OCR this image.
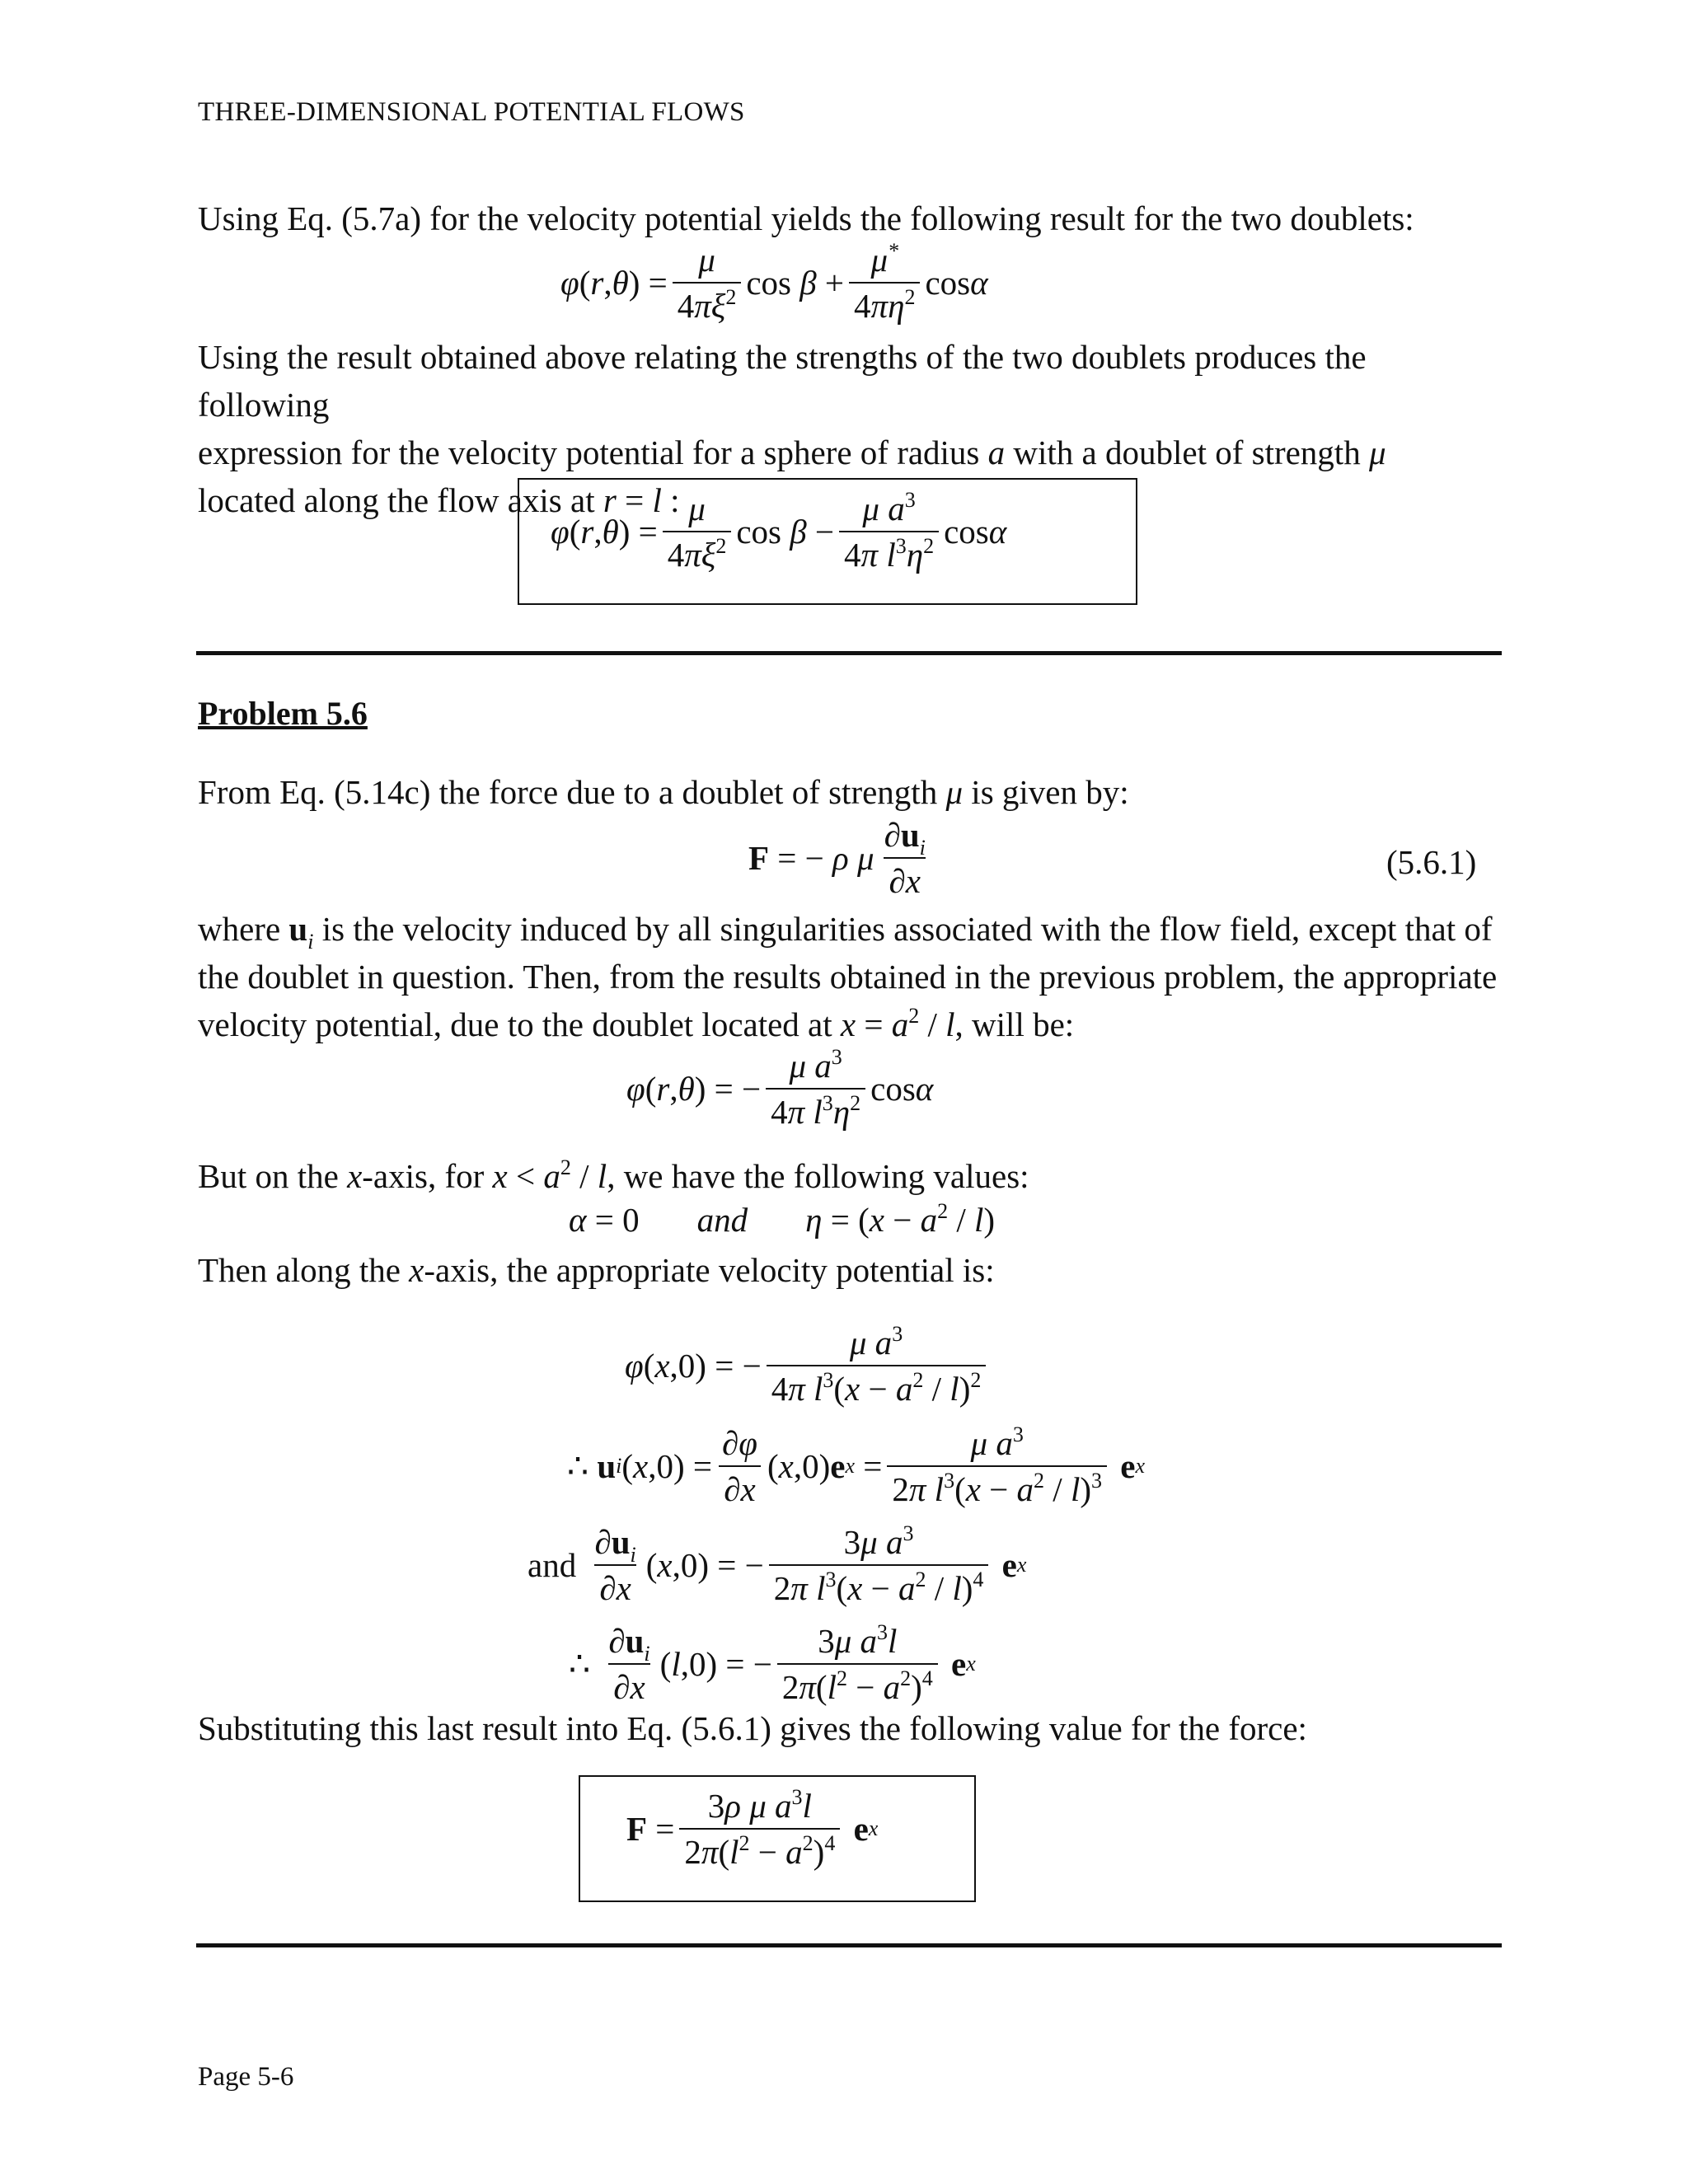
THREE-DIMENSIONAL POTENTIAL FLOWS
Using Eq. (5.7a) for the velocity potential yields the following result for the two doublets:
φ ( r , θ ) = $\frac{\mu}{4\pi\xi^2}$ $\cos \beta + \frac{\mu^*}{4\pi\eta^2}$ cos α
Using the result obtained above relating the strengths of the two doublets produces the following
expression for the velocity potential for a sphere of radius a with a doublet of strength μ
located along the flow axis at r = l :
φ ( r , θ ) = $\frac{\mu}{4\pi\xi^2}$ $\cos \beta - \frac{\mu a^3}{4\pi l^3\eta^2}$ cos α
Problem 5.6
From Eq. (5.14c) the force due to a doublet of strength μ is given by:
F = − ρ μ $\frac{\partial u_i}{\partial x}$	(5.6.1)
where $u_i$ is the velocity induced by all singularities associated with the flow field, except that of
the doublet in question. Then, from the results obtained in the previous problem, the appropriate
velocity potential, due to the doublet located at $x = a^2 / l$, will be:
φ ( r , θ ) = − $\frac{\mu a^3}{4\pi l^3\eta^2}$ cos α
But on the x-axis, for $x < a^2 / l$, we have the following values:
α = 0 and $\eta = (x - a^2 / l)$
Then along the x-axis, the appropriate velocity potential is:
φ ( x ,0) = − $\frac{\mu a^3}{4\pi l^3(x - a^2 / l)^2}$
∴
u i ( x $,0) = \frac{\partial\varphi}{\partial x}$ ( x ,0) e $x = \frac{\mu a^3}{2\pi l^3(x - a^2 / l)^3}$
e x
and
$\frac{\partial u_i}{\partial x}$ ( x ,0) = − $\frac{3\mu a^3}{2\pi l^3(x - a^2 / l)^4}$
e x
∴
$\frac{\partial u_i}{\partial x}$ ( l ,0) = − $\frac{3\mu a^3l}{2\pi(l^2 - a^2)^4}$
e x
Substituting this last result into Eq. (5.6.1) gives the following value for the force:
$F = \frac{3\rho \mu a^3l}{2\pi(l^2 - a^2)^4}$
e x
Page 5-6
